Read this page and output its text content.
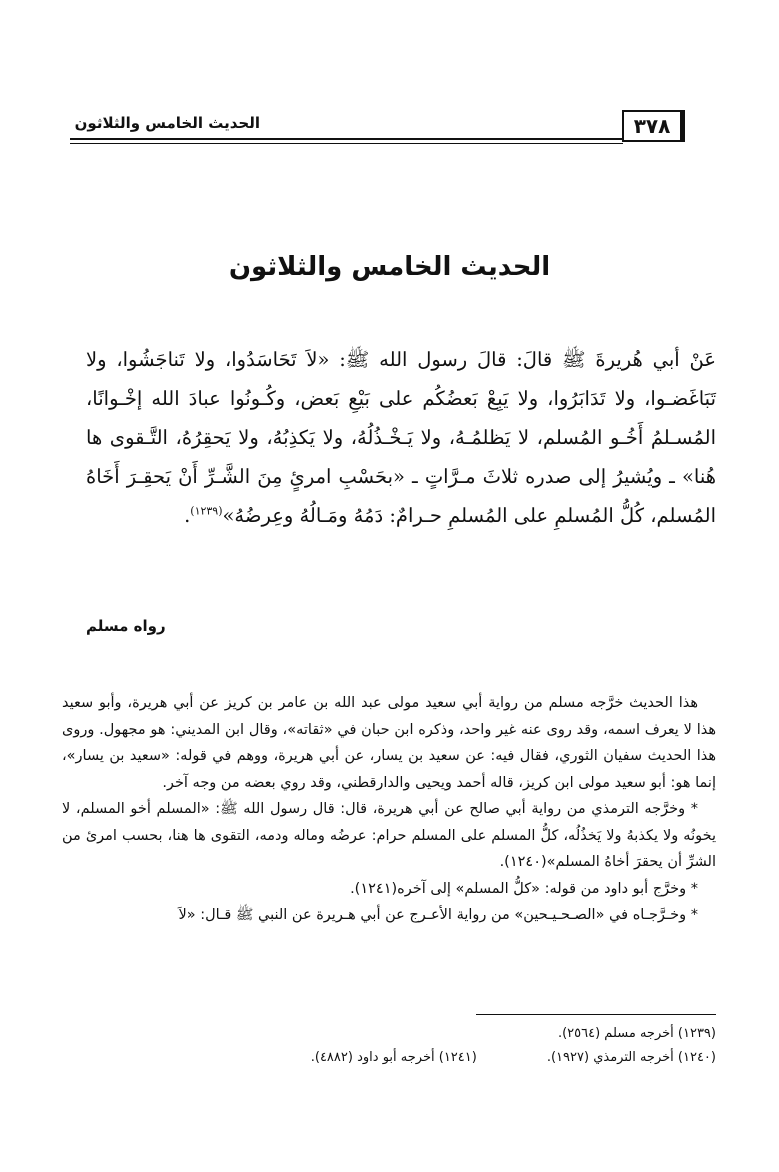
٣٧٨
الحديث الخامس والثلاثون
الحديث الخامس والثلاثون
عَنْ أبي هُريرةَ ﷺ قالَ: قالَ رسول الله ﷺ: «لاَ تَحَاسَدُوا، ولا تَناجَشُوا، ولا تَبَاغَضـوا، ولا تَدَابَرُوا، ولا يَبِعْ بَعضُكُم على بَيْعِ بَعض، وكُـونُوا عبادَ الله إخْـوانًا، المُسـلمُ أَخُـو المُسلم، لا يَظلمُـهُ، ولا يَـخْـذُلُهُ، ولا يَكذِبُهُ، ولا يَحقِرُهُ، التَّـقوى ها هُنا» ـ ويُشيرُ إلى صدره ثلاثَ مـرَّاتٍ ـ «بحَسْبِ امرئٍ مِنَ الشَّـرِّ أَنْ يَحقِـرَ أَخَاهُ المُسلم، كُلُّ المُسلمِ على المُسلمِ حـرامٌ: دَمُهُ ومَـالُهُ وعِرضُهُ»$^{(١٢٣٩)}$.
رواه مسلم

هذا الحديث خرَّجه مسلم من رواية أبي سعيد مولى عبد الله بن عامر بن كريز عن أبي هريرة، وأبو سعيد هذا لا يعرف اسمه، وقد روى عنه غير واحد، وذكره ابن حبان في «ثقاته»، وقال ابن المديني: هو مجهول. وروى هذا الحديث سفيان الثوري، فقال فيه: عن سعيد بن يسار، عن أبي هريرة، ووهم في قوله: «سعيد بن يسار»، إنما هو: أبو سعيد مولى ابن كريز، قاله أحمد ويحيى والدارقطني، وقد روي بعضه من وجه آخر.

* وخرَّجه الترمذي من رواية أبي صالح عن أبي هريرة، قال: قال رسول الله ﷺ: «المسلم أخو المسلم، لا يخونُه ولا يكذبهُ ولا يَخذُلُه، كلُّ المسلم على المسلم حرام: عرضُه وماله ودمه، التقوى ها هنا، بحسب امرئ من الشرِّ أن يحقرَ أخاهُ المسلم»(١٢٤٠).

* وخرَّج أبو داود من قوله: «كلُّ المسلم» إلى آخره(١٢٤١).

* وخـرَّجـاه في «الصـحـيـحين» من رواية الأعـرج عن أبي هـريرة عن النبي ﷺ قـال: «لاَ

(١٢٣٩) أخرجه مسلم (٢٥٦٤).
(١٢٤٠) أخرجه الترمذي (١٩٢٧).
(١٢٤١) أخرجه أبو داود (٤٨٨٢).
